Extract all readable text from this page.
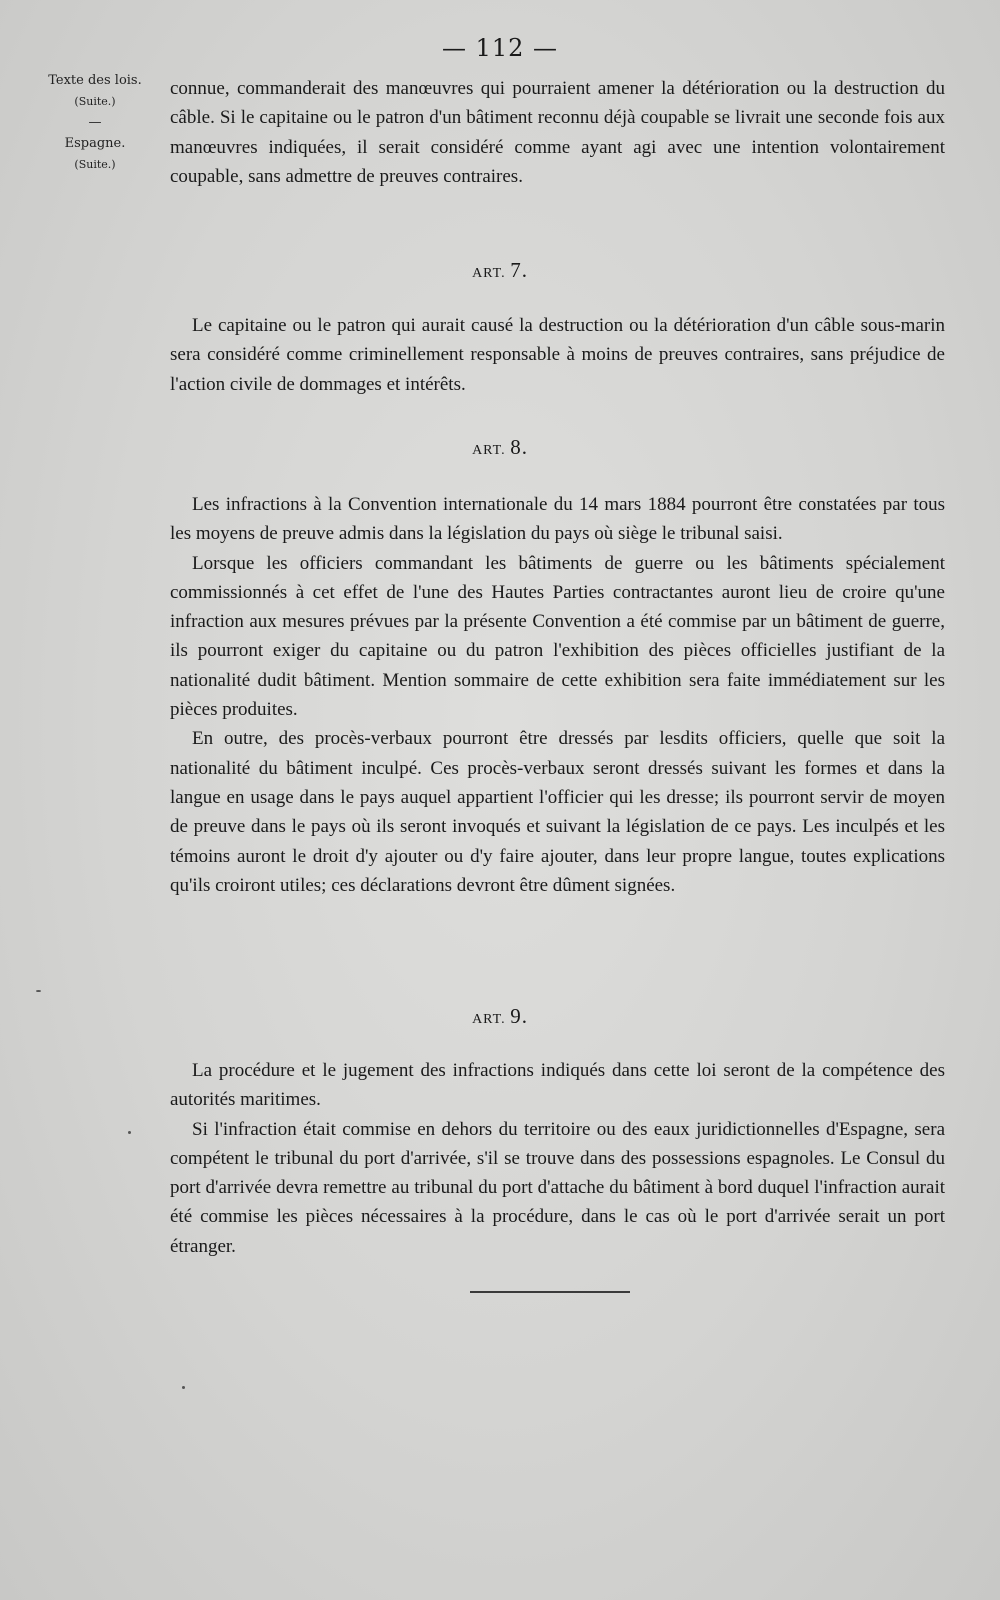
— 112 —
Texte des lois.
(Suite.)
—
Espagne.
(Suite.)

connue, commanderait des manœuvres qui pourraient amener la détérioration ou la destruction du câble. Si le capitaine ou le patron d'un bâtiment reconnu déjà coupable se livrait une seconde fois aux manœuvres indiquées, il serait considéré comme ayant agi avec une intention volontairement coupable, sans admettre de preuves contraires.

ART. 7.

Le capitaine ou le patron qui aurait causé la destruction ou la détérioration d'un câble sous-marin sera considéré comme criminellement responsable à moins de preuves contraires, sans préjudice de l'action civile de dommages et intérêts.

ART. 8.

Les infractions à la Convention internationale du 14 mars 1884 pourront être constatées par tous les moyens de preuve admis dans la législation du pays où siège le tribunal saisi.

Lorsque les officiers commandant les bâtiments de guerre ou les bâtiments spécialement commissionnés à cet effet de l'une des Hautes Parties contractantes auront lieu de croire qu'une infraction aux mesures prévues par la présente Convention a été commise par un bâtiment de guerre, ils pourront exiger du capitaine ou du patron l'exhibition des pièces officielles justifiant de la nationalité dudit bâtiment. Mention sommaire de cette exhibition sera faite immédiatement sur les pièces produites.

En outre, des procès-verbaux pourront être dressés par lesdits officiers, quelle que soit la nationalité du bâtiment inculpé. Ces procès-verbaux seront dressés suivant les formes et dans la langue en usage dans le pays auquel appartient l'officier qui les dresse; ils pourront servir de moyen de preuve dans le pays où ils seront invoqués et suivant la législation de ce pays. Les inculpés et les témoins auront le droit d'y ajouter ou d'y faire ajouter, dans leur propre langue, toutes explications qu'ils croiront utiles; ces déclarations devront être dûment signées.

ART. 9.

La procédure et le jugement des infractions indiqués dans cette loi seront de la compétence des autorités maritimes.

Si l'infraction était commise en dehors du territoire ou des eaux juridictionnelles d'Espagne, sera compétent le tribunal du port d'arrivée, s'il se trouve dans des possessions espagnoles. Le Consul du port d'arrivée devra remettre au tribunal du port d'attache du bâtiment à bord duquel l'infraction aurait été commise les pièces nécessaires à la procédure, dans le cas où le port d'arrivée serait un port étranger.
